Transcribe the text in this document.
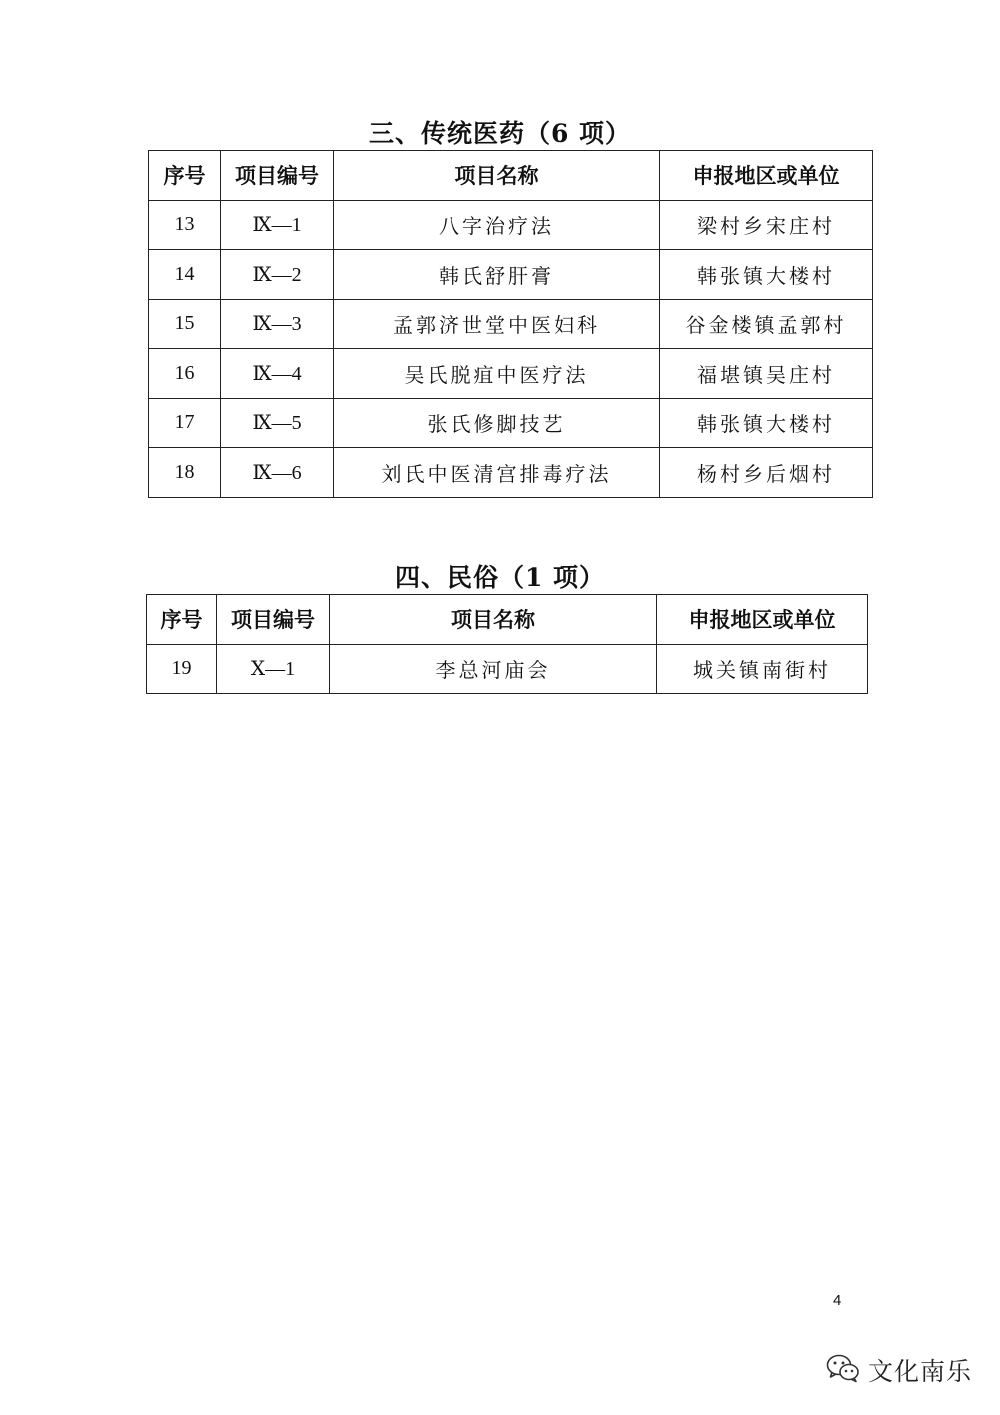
三、传统医药（6 项）
序号	项目编号	项目名称	申报地区或单位
13	Ⅸ—1	八字治疗法	梁村乡宋庄村
14	Ⅸ—2	韩氏舒肝膏	韩张镇大楼村
15	Ⅸ—3	孟郭济世堂中医妇科	谷金楼镇孟郭村
16	Ⅸ—4	吴氏脱疽中医疗法	福堪镇吴庄村
17	Ⅸ—5	张氏修脚技艺	韩张镇大楼村
18	Ⅸ—6	刘氏中医清宫排毒疗法	杨村乡后烟村
四、民俗（1 项）
序号	项目编号	项目名称	申报地区或单位
19	Ⅹ—1	李总河庙会	城关镇南街村
4
文化南乐
